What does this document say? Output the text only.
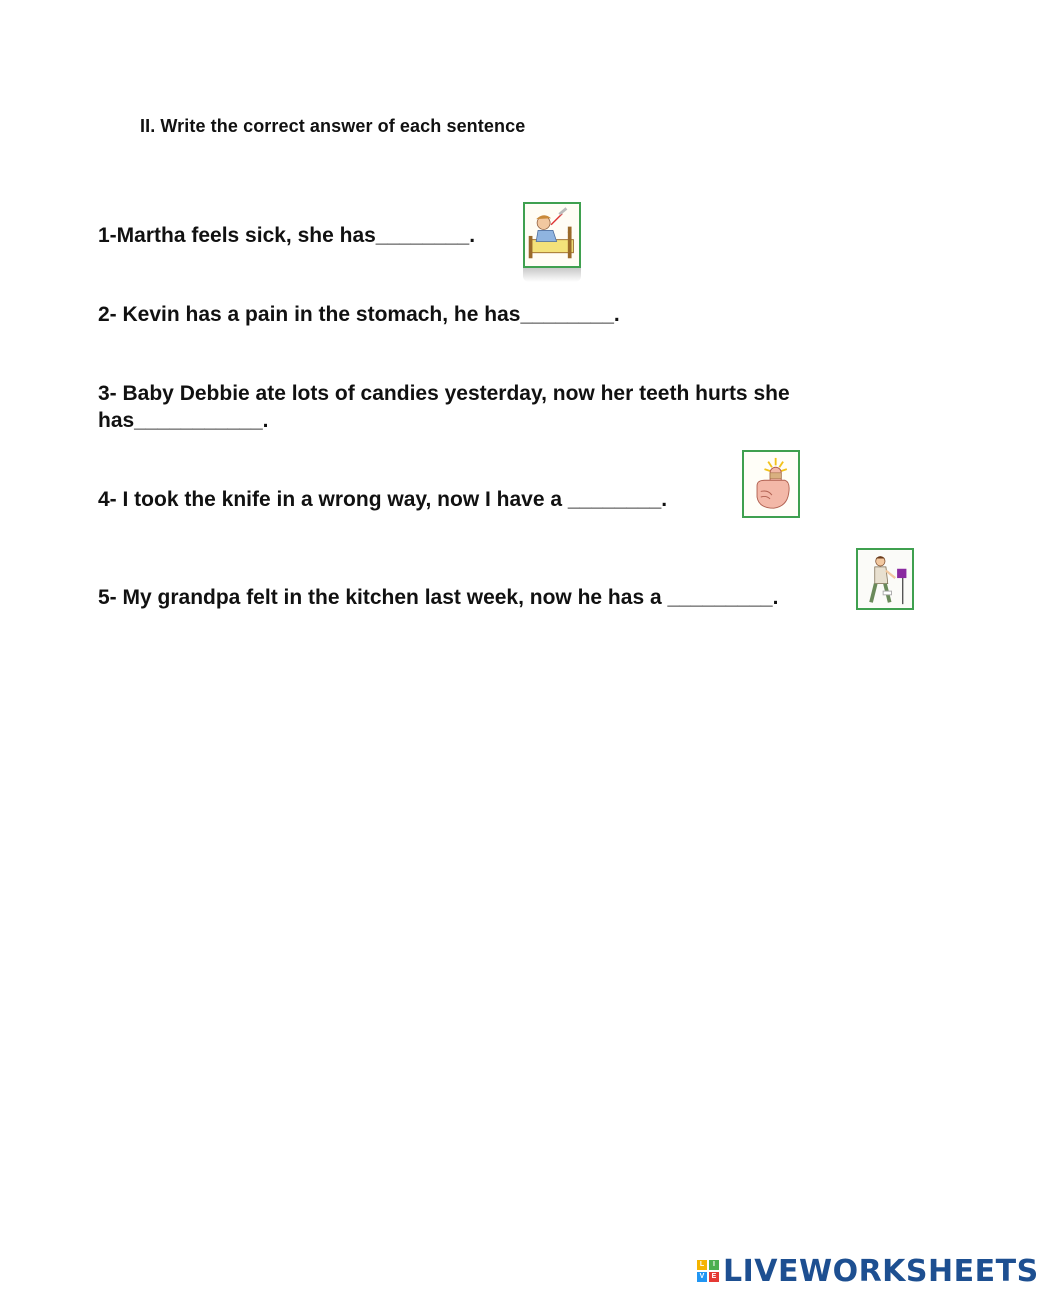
II. Write the correct answer of each sentence
1-Martha feels sick, she has________.
2- Kevin has a pain in the stomach, he has________.
3- Baby Debbie ate lots of candies yesterday, now her teeth hurts she has___________.
4- I took the knife in a wrong way, now I have a ________.
5- My grandpa felt in the kitchen last week, now he has a _________.
L	I
V	E LIVEWORKSHEETS
